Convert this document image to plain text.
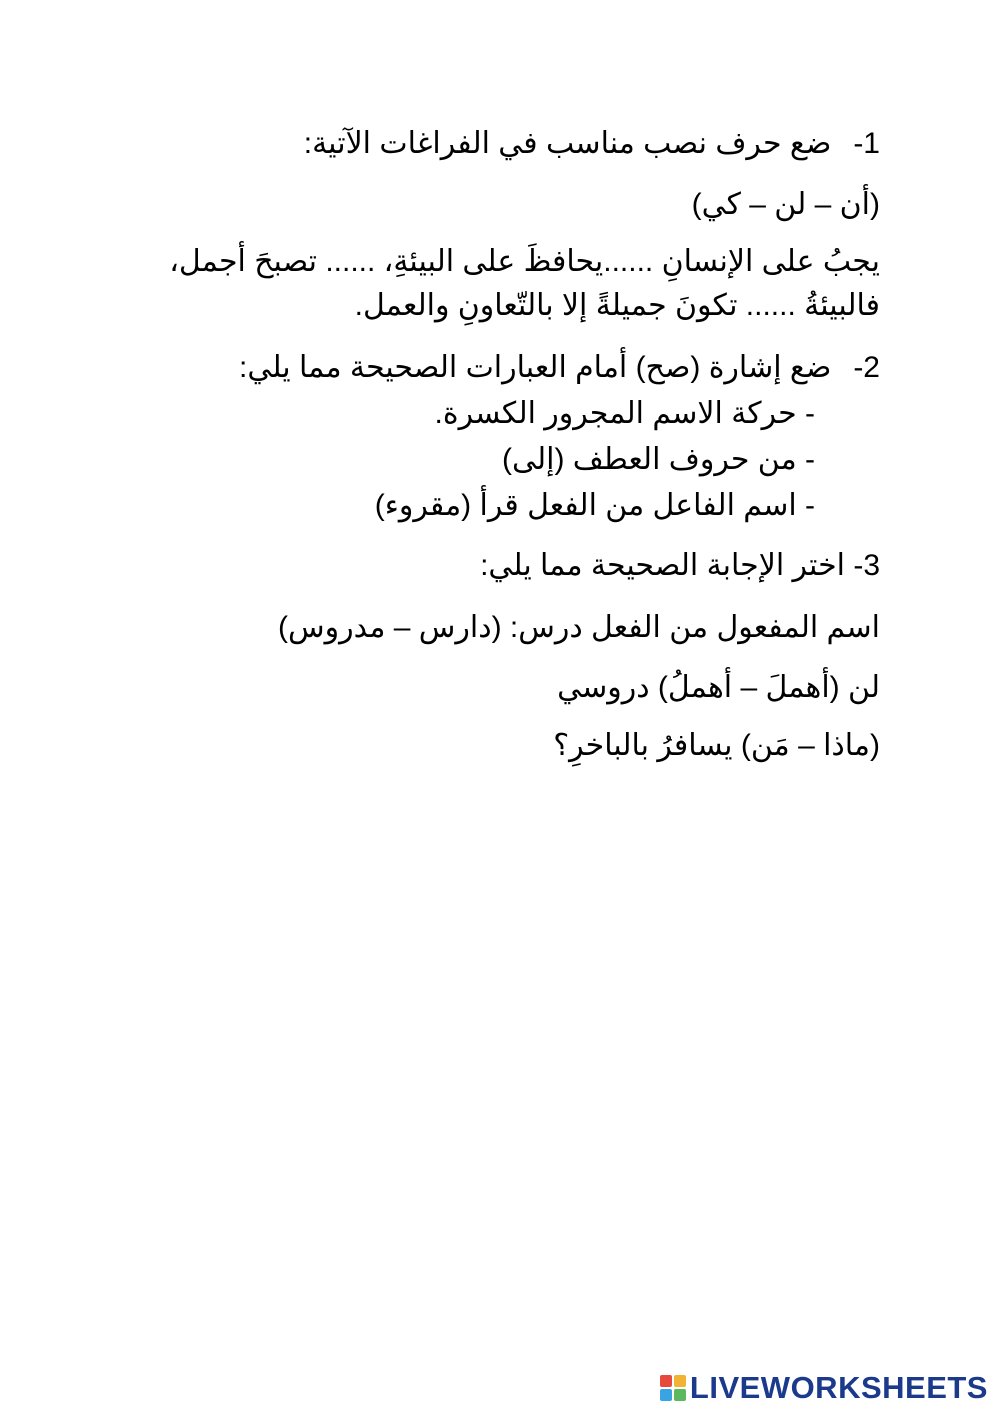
-1ضع حرف نصب مناسب في الفراغات الآتية:
(أن – لن – كي)
يجبُ على الإنسانِ ......يحافظَ على البيئةِ، ...... تصبحَ أجمل،
فالبيئةُ ...... تكونَ جميلةً إلا بالتّعاونِ والعمل.
-2ضع إشارة (صح) أمام العبارات الصحيحة مما يلي:
- حركة الاسم المجرور الكسرة.
- من حروف العطف (إلى)
- اسم الفاعل من الفعل قرأ (مقروء)
3- اختر الإجابة الصحيحة مما يلي:
اسم المفعول من الفعل درس: (دارس – مدروس)
لن (أهملَ – أهملُ) دروسي
(ماذا – مَن) يسافرُ بالباخرِ؟
LIVEWORKSHEETS
